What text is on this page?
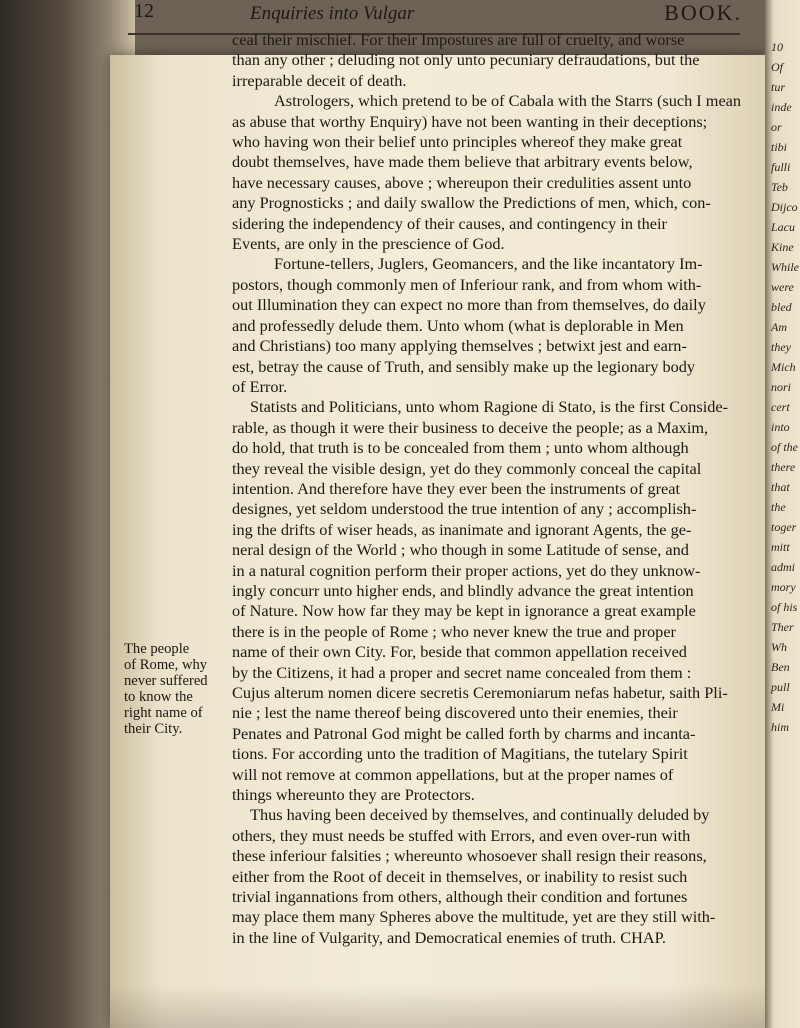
10
Of
tur
inde
or
tibi
fulli
Teb
Dijco
Lacu
Kine
While
were
bled
Am
they
Mich
nori
cert
into
of the
there
that
the
toger
mitt
admi
mory
of his
Ther
Wh
Ben
pull
Mi
him
12	Enquiries into Vulgar	BOOK.
ceal their mischief. For their Impostures are full of cruelty, and worse
than any other ; deluding not only unto pecuniary defraudations, but the
irreparable deceit of death.
Astrologers, which pretend to be of Cabala with the Starrs (such I mean
as abuse that worthy Enquiry) have not been wanting in their deceptions;
who having won their belief unto principles whereof they make great
doubt themselves, have made them believe that arbitrary events below,
have necessary causes, above ; whereupon their credulities assent unto
any Prognosticks ; and daily swallow the Predictions of men, which, con-
sidering the independency of their causes, and contingency in their
Events, are only in the prescience of God.
Fortune-tellers, Juglers, Geomancers, and the like incantatory Im-
postors, though commonly men of Inferiour rank, and from whom with-
out Illumination they can expect no more than from themselves, do daily
and professedly delude them. Unto whom (what is deplorable in Men
and Christians) too many applying themselves ; betwixt jest and earn-
est, betray the cause of Truth, and sensibly make up the legionary body
of Error.
Statists and Politicians, unto whom Ragione di Stato, is the first Conside-
rable, as though it were their business to deceive the people; as a Maxim,
do hold, that truth is to be concealed from them ; unto whom although
they reveal the visible design, yet do they commonly conceal the capital
intention. And therefore have they ever been the instruments of great
designes, yet seldom understood the true intention of any ; accomplish-
ing the drifts of wiser heads, as inanimate and ignorant Agents, the ge-
neral design of the World ; who though in some Latitude of sense, and
in a natural cognition perform their proper actions, yet do they unknow-
ingly concurr unto higher ends, and blindly advance the great intention
of Nature. Now how far they may be kept in ignorance a great example
there is in the people of Rome ; who never knew the true and proper
name of their own City. For, beside that common appellation received
by the Citizens, it had a proper and secret name concealed from them :
Cujus alterum nomen dicere secretis Ceremoniarum nefas habetur, saith Pli-
nie ; lest the name thereof being discovered unto their enemies, their
Penates and Patronal God might be called forth by charms and incanta-
tions. For according unto the tradition of Magitians, the tutelary Spirit
will not remove at common appellations, but at the proper names of
things whereunto they are Protectors.
Thus having been deceived by themselves, and continually deluded by
others, they must needs be stuffed with Errors, and even over-run with
these inferiour falsities ; whereunto whosoever shall resign their reasons,
either from the Root of deceit in themselves, or inability to resist such
trivial ingannations from others, although their condition and fortunes
may place them many Spheres above the multitude, yet are they still with-
in the line of Vulgarity, and Democratical enemies of truth. CHAP.
The people
of Rome, why
never suffered
to know the
right name of
their City.
